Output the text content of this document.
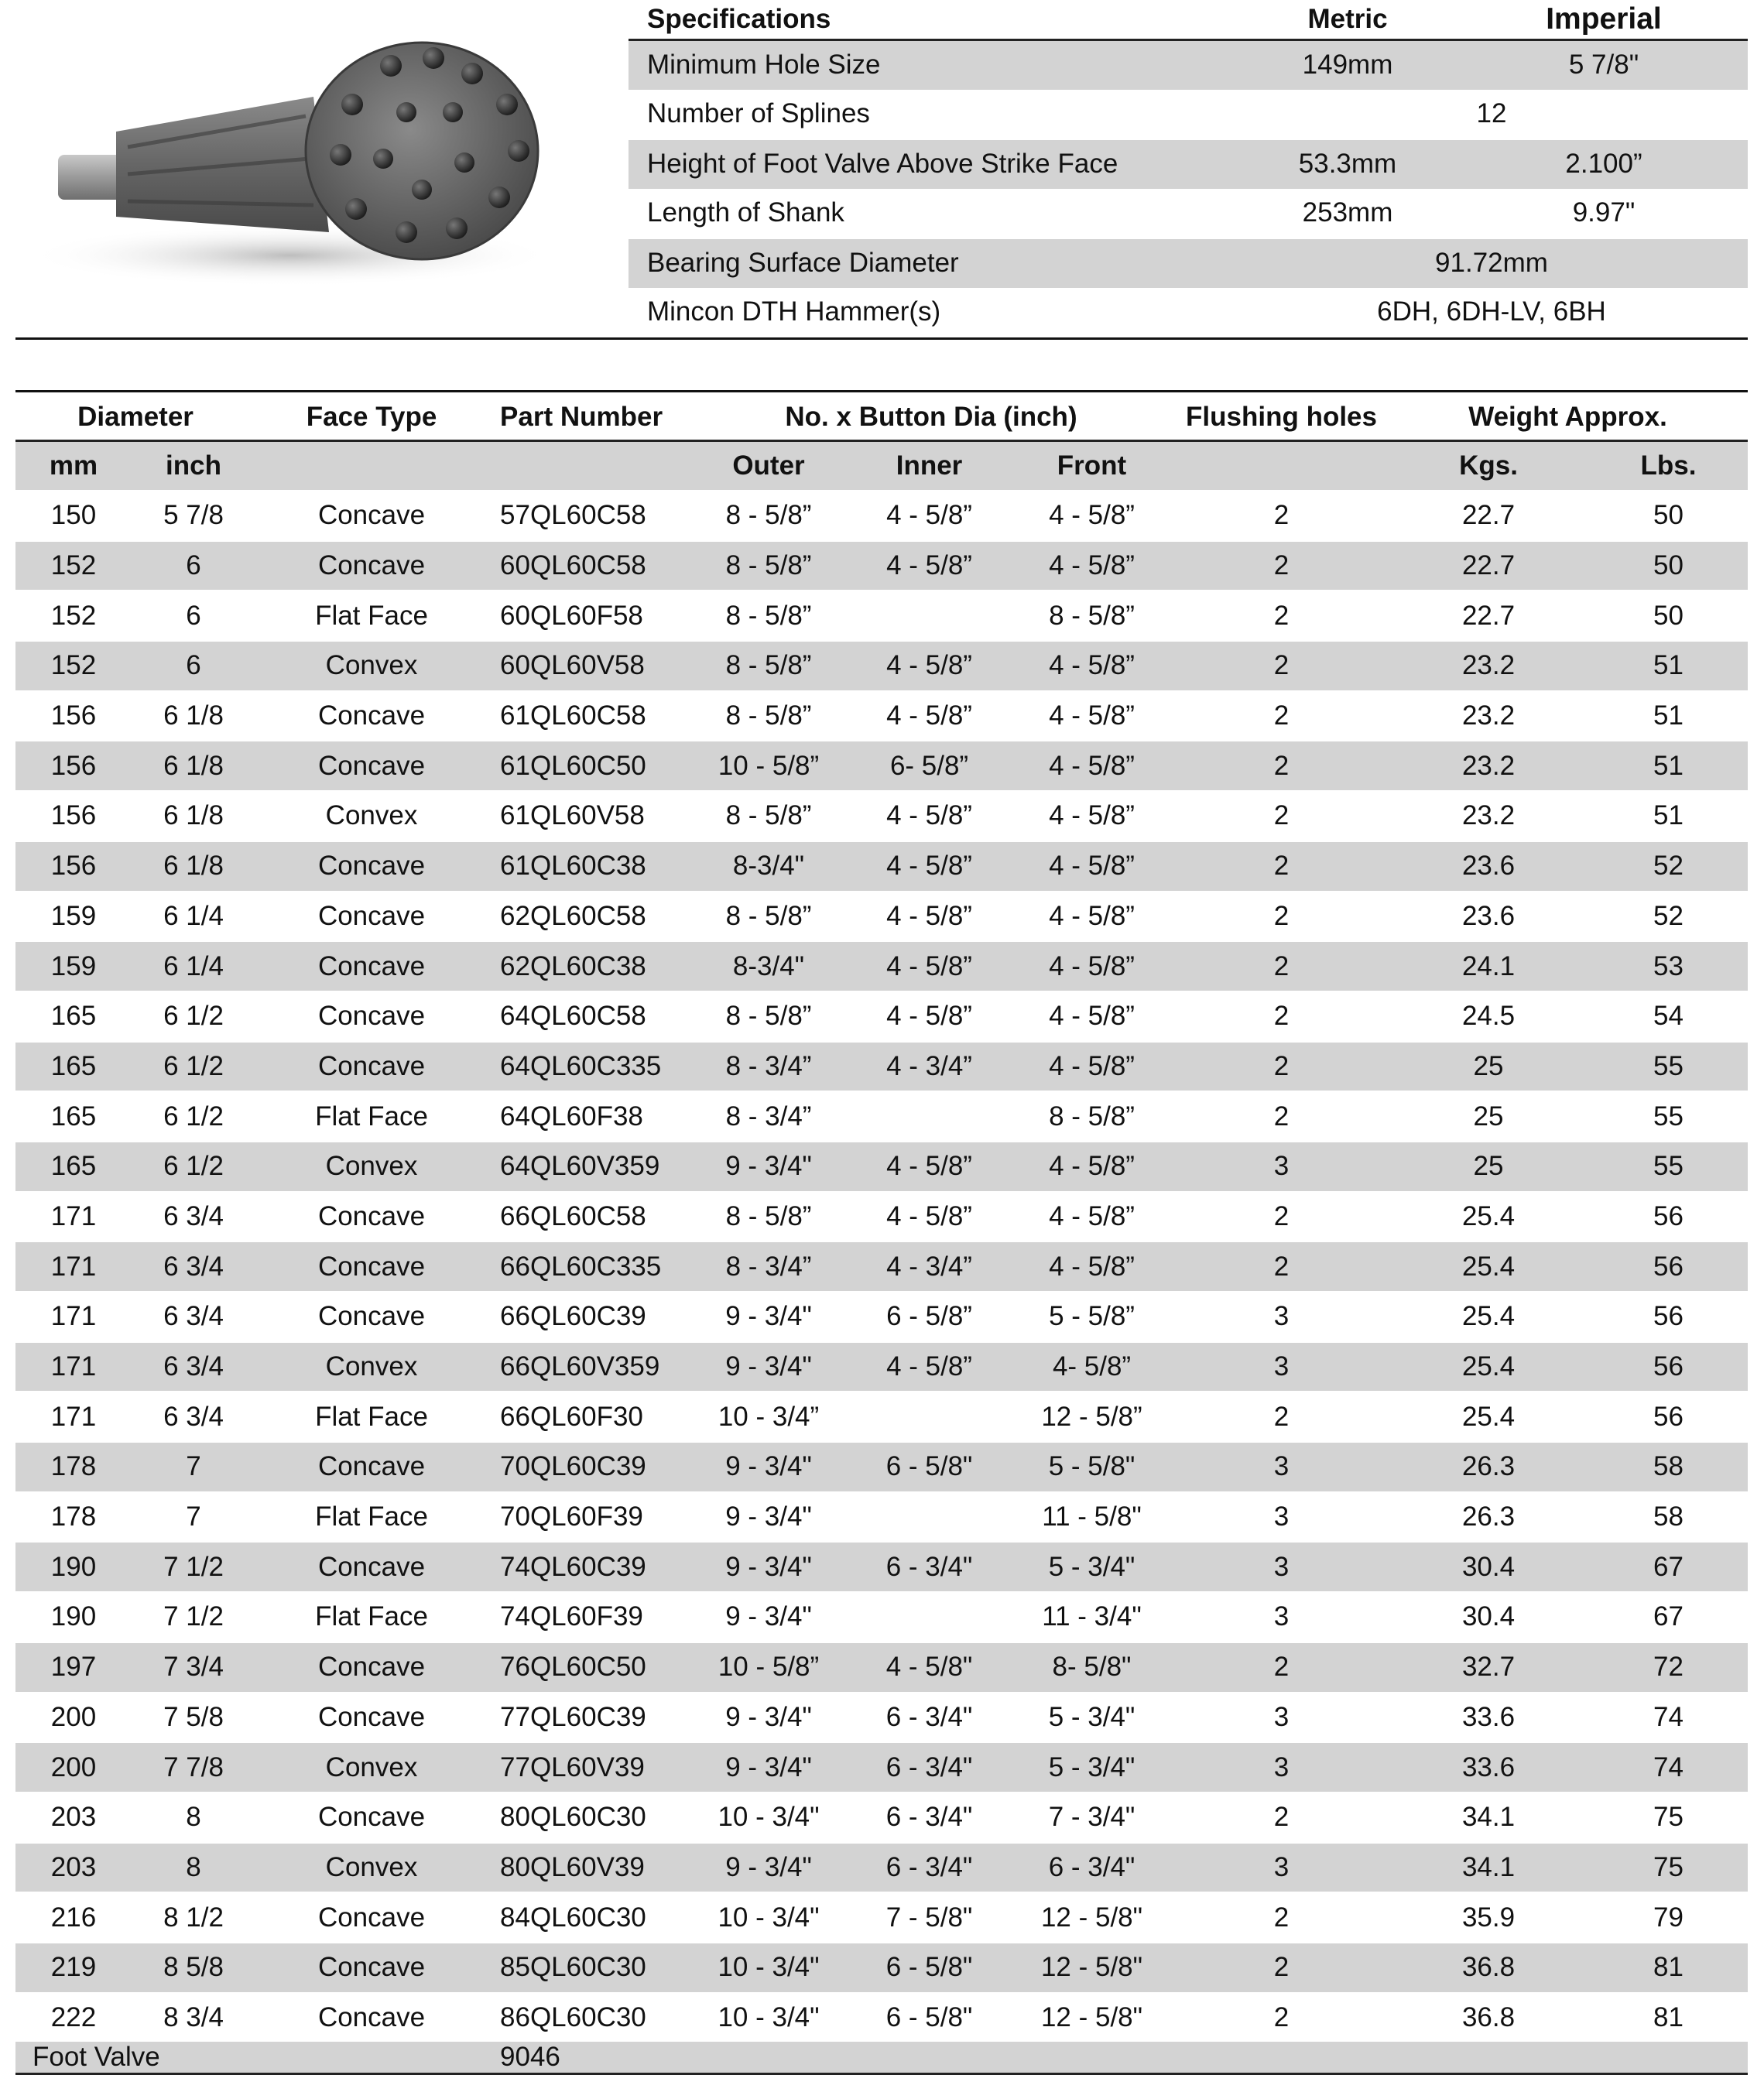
Specifications	Metric	Imperial
Minimum Hole Size	149mm	5 7/8"
Number of Splines	12	
Height of Foot Valve Above Strike Face	53.3mm	2.100”
Length of Shank	253mm	9.97"
Bearing Surface Diameter	91.72mm	
Mincon DTH Hammer(s)	6DH, 6DH-LV, 6BH	
Diameter		Face Type	Part Number	No. x Button Dia (inch)			Flushing holes	Weight Approx.	
mm	inch			Outer	Inner	Front		Kgs.	Lbs.
150	5 7/8	Concave	57QL60C58	8 - 5/8”	4 - 5/8”	4 - 5/8”	2	22.7	50
152	6	Concave	60QL60C58	8 - 5/8”	4 - 5/8”	4 - 5/8”	2	22.7	50
152	6	Flat Face	60QL60F58	8 - 5/8”		8 - 5/8”	2	22.7	50
152	6	Convex	60QL60V58	8 - 5/8”	4 - 5/8”	4 - 5/8”	2	23.2	51
156	6 1/8	Concave	61QL60C58	8 - 5/8”	4 - 5/8”	4 - 5/8”	2	23.2	51
156	6 1/8	Concave	61QL60C50	10 - 5/8”	6- 5/8”	4 - 5/8”	2	23.2	51
156	6 1/8	Convex	61QL60V58	8 - 5/8”	4 - 5/8”	4 - 5/8”	2	23.2	51
156	6 1/8	Concave	61QL60C38	8-3/4"	4 - 5/8”	4 - 5/8”	2	23.6	52
159	6 1/4	Concave	62QL60C58	8 - 5/8”	4 - 5/8”	4 - 5/8”	2	23.6	52
159	6 1/4	Concave	62QL60C38	8-3/4"	4 - 5/8”	4 - 5/8”	2	24.1	53
165	6 1/2	Concave	64QL60C58	8 - 5/8”	4 - 5/8”	4 - 5/8”	2	24.5	54
165	6 1/2	Concave	64QL60C335	8 - 3/4”	4 - 3/4”	4 - 5/8”	2	25	55
165	6 1/2	Flat Face	64QL60F38	8 - 3/4”		8 - 5/8”	2	25	55
165	6 1/2	Convex	64QL60V359	9 - 3/4"	4 - 5/8”	4 - 5/8”	3	25	55
171	6 3/4	Concave	66QL60C58	8 - 5/8”	4 - 5/8”	4 - 5/8”	2	25.4	56
171	6 3/4	Concave	66QL60C335	8 - 3/4”	4 - 3/4”	4 - 5/8”	2	25.4	56
171	6 3/4	Concave	66QL60C39	9 - 3/4"	6 - 5/8”	5 - 5/8”	3	25.4	56
171	6 3/4	Convex	66QL60V359	9 - 3/4"	4 - 5/8”	4- 5/8”	3	25.4	56
171	6 3/4	Flat Face	66QL60F30	10 - 3/4”		12 - 5/8”	2	25.4	56
178	7	Concave	70QL60C39	9 - 3/4"	6 - 5/8"	5 - 5/8"	3	26.3	58
178	7	Flat Face	70QL60F39	9 - 3/4"		11 - 5/8"	3	26.3	58
190	7 1/2	Concave	74QL60C39	9 - 3/4"	6 - 3/4"	5 - 3/4"	3	30.4	67
190	7 1/2	Flat Face	74QL60F39	9 - 3/4"		11 - 3/4"	3	30.4	67
197	7 3/4	Concave	76QL60C50	10 - 5/8”	4 - 5/8"	8- 5/8"	2	32.7	72
200	7 5/8	Concave	77QL60C39	9 - 3/4"	6 - 3/4"	5 - 3/4"	3	33.6	74
200	7 7/8	Convex	77QL60V39	9 - 3/4"	6 - 3/4"	5 - 3/4"	3	33.6	74
203	8	Concave	80QL60C30	10 - 3/4"	6 - 3/4"	7 - 3/4"	2	34.1	75
203	8	Convex	80QL60V39	9 - 3/4"	6 - 3/4"	6 - 3/4"	3	34.1	75
216	8 1/2	Concave	84QL60C30	10 - 3/4"	7 - 5/8"	12 - 5/8"	2	35.9	79
219	8 5/8	Concave	85QL60C30	10 - 3/4"	6 - 5/8"	12 - 5/8"	2	36.8	81
222	8 3/4	Concave	86QL60C30	10 - 3/4"	6 - 5/8"	12 - 5/8"	2	36.8	81
Foot Valve			9046						
